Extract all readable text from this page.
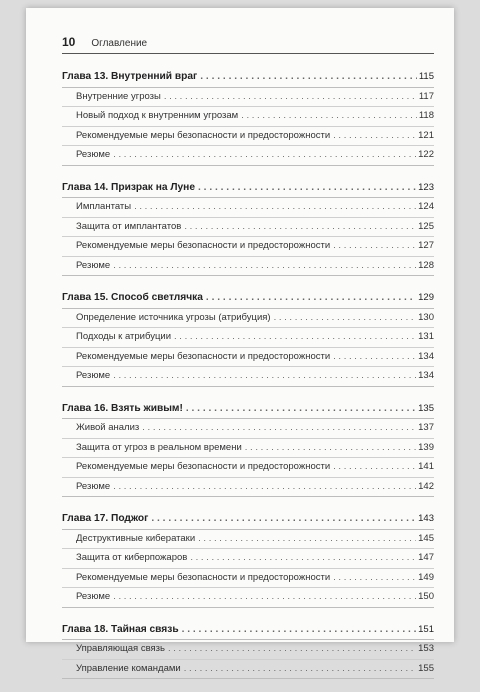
10 Оглавление
Глава 13. Внутренний враг . . .	115
Внутренние угрозы . . .	117
Новый подход к внутренним угрозам . . .	118
Рекомендуемые меры безопасности и предосторожности . . .	121
Резюме . . .	122
Глава 14. Призрак на Луне . . .	123
Имплантаты . . .	124
Защита от имплантатов . . .	125
Рекомендуемые меры безопасности и предосторожности . . .	127
Резюме . . .	128
Глава 15. Способ светлячка . . .	129
Определение источника угрозы (атрибуция) . . .	130
Подходы к атрибуции . . .	131
Рекомендуемые меры безопасности и предосторожности . . .	134
Резюме . . .	134
Глава 16. Взять живым! . . .	135
Живой анализ . . .	137
Защита от угроз в реальном времени . . .	139
Рекомендуемые меры безопасности и предосторожности . . .	141
Резюме . . .	142
Глава 17. Поджог . . .	143
Деструктивные кибератаки . . .	145
Защита от киберпожаров . . .	147
Рекомендуемые меры безопасности и предосторожности . . .	149
Резюме . . .	150
Глава 18. Тайная связь . . .	151
Управляющая связь . . .	153
Управление командами . . .	155
